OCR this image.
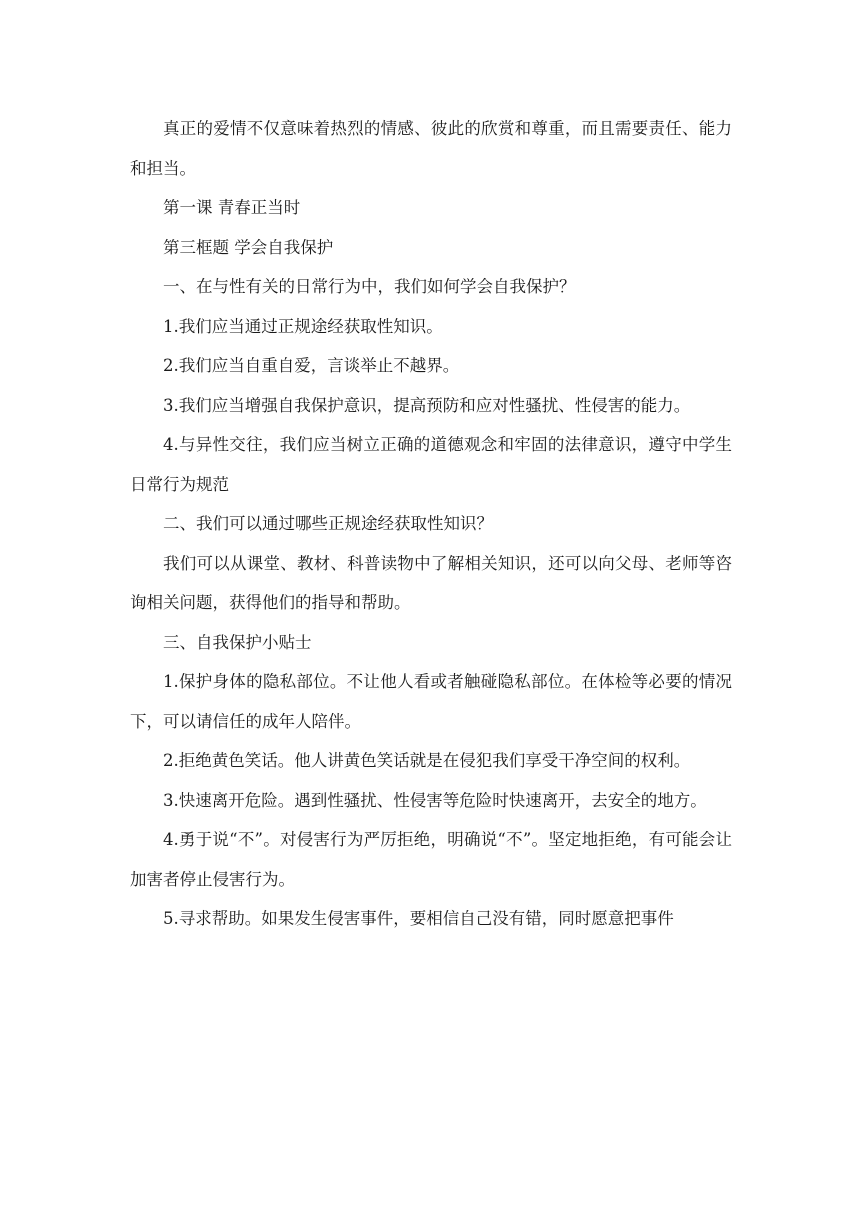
真正的爱情不仅意味着热烈的情感、彼此的欣赏和尊重，而且需要责任、能力和担当。

第一课 青春正当时

第三框题 学会自我保护

一、在与性有关的日常行为中，我们如何学会自我保护？

1.我们应当通过正规途经获取性知识。

2.我们应当自重自爱，言谈举止不越界。

3.我们应当增强自我保护意识，提高预防和应对性骚扰、性侵害的能力。

4.与异性交往，我们应当树立正确的道德观念和牢固的法律意识，遵守中学生日常行为规范

二、我们可以通过哪些正规途经获取性知识？

我们可以从课堂、教材、科普读物中了解相关知识，还可以向父母、老师等咨询相关问题，获得他们的指导和帮助。

三、自我保护小贴士

1.保护身体的隐私部位。不让他人看或者触碰隐私部位。在体检等必要的情况下，可以请信任的成年人陪伴。

2.拒绝黄色笑话。他人讲黄色笑话就是在侵犯我们享受干净空间的权利。

3.快速离开危险。遇到性骚扰、性侵害等危险时快速离开，去安全的地方。

4.勇于说“不”。对侵害行为严厉拒绝，明确说“不”。坚定地拒绝，有可能会让加害者停止侵害行为。

5.寻求帮助。如果发生侵害事件，要相信自己没有错，同时愿意把事件
